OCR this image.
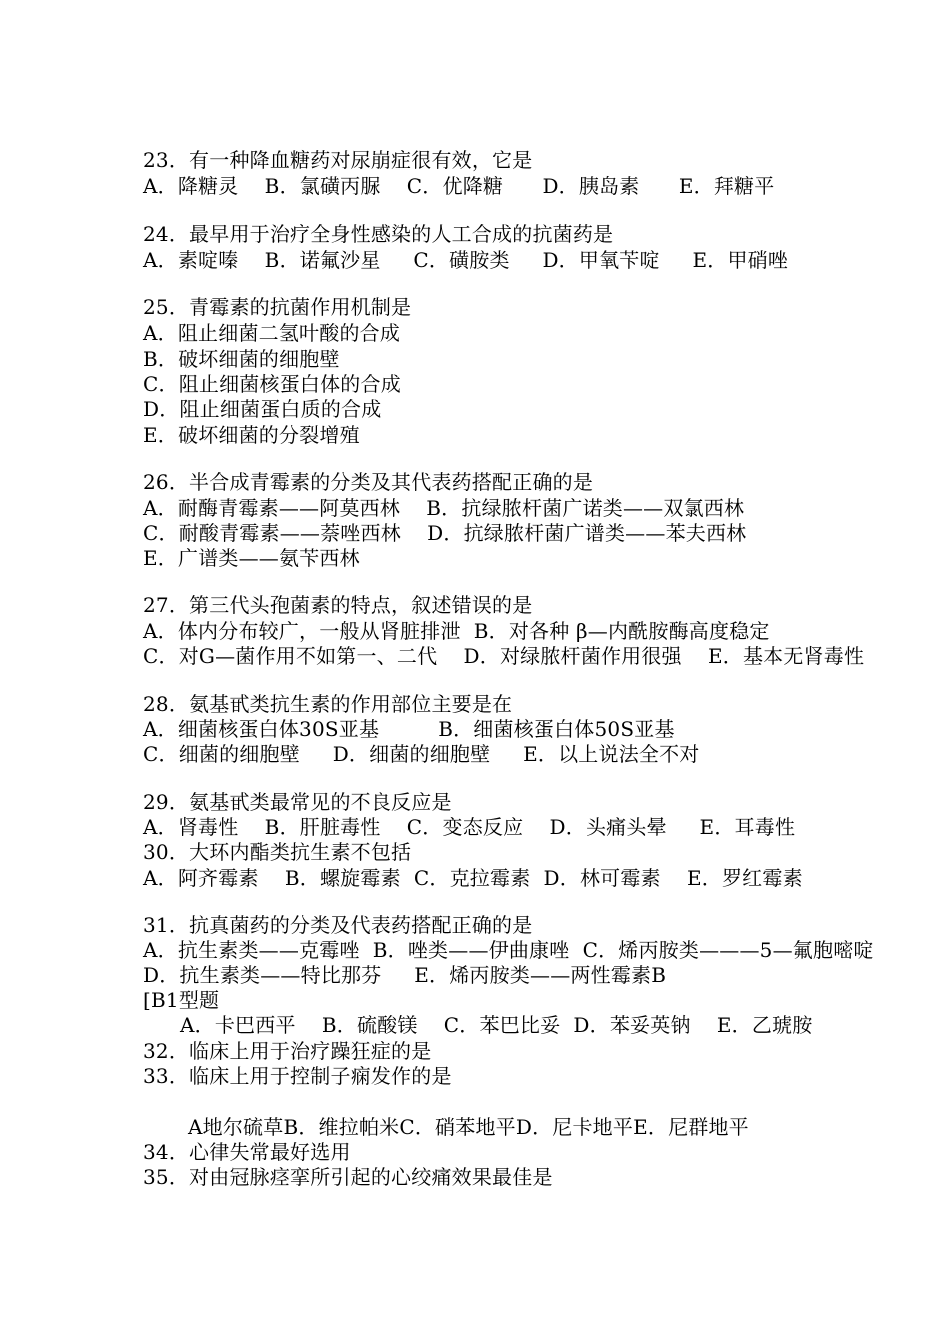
23．有一种降血糖药对尿崩症很有效，它是
A．降糖灵    B．氯磺丙脲    C．优降糖      D．胰岛素      E．拜糖平
24．最早用于治疗全身性感染的人工合成的抗菌药是
A．素啶嗪    B．诺氟沙星     C．磺胺类     D．甲氧苄啶     E．甲硝唑
25．青霉素的抗菌作用机制是
A．阻止细菌二氢叶酸的合成
B．破坏细菌的细胞壁
C．阻止细菌核蛋白体的合成
D．阻止细菌蛋白质的合成
E．破坏细菌的分裂增殖
26．半合成青霉素的分类及其代表药搭配正确的是
A．耐酶青霉素——阿莫西林    B．抗绿脓杆菌广诺类——双氯西林
C．耐酸青霉素——萘唑西林    D．抗绿脓杆菌广谱类——苯夫西林
E．广谱类——氨苄西林
27．第三代头孢菌素的特点，叙述错误的是
A．体内分布较广，一般从肾脏排泄  B．对各种 β—内酰胺酶高度稳定
C．对G—菌作用不如第一、二代    D．对绿脓杆菌作用很强    E．基本无肾毒性
28．氨基甙类抗生素的作用部位主要是在
A．细菌核蛋白体30S亚基         B．细菌核蛋白体50S亚基
C．细菌的细胞壁     D．细菌的细胞壁     E．以上说法全不对
29．氨基甙类最常见的不良反应是
A．肾毒性    B．肝脏毒性    C．变态反应    D．头痛头晕     E．耳毒性
30．大环内酯类抗生素不包括
A．阿齐霉素    B．螺旋霉素  C．克拉霉素  D．林可霉素    E．罗红霉素
31．抗真菌药的分类及代表药搭配正确的是
A．抗生素类——克霉唑  B．唑类——伊曲康唑  C．烯丙胺类———5—氟胞嘧啶
D．抗生素类——特比那芬     E．烯丙胺类——两性霉素B
[B1型题
A．卡巴西平    B．硫酸镁    C．苯巴比妥  D．苯妥英钠    E．乙琥胺
32．临床上用于治疗躁狂症的是
33．临床上用于控制子痫发作的是
A地尔硫草B．维拉帕米C．硝苯地平D．尼卡地平E．尼群地平
34．心律失常最好选用
35．对由冠脉痉挛所引起的心绞痛效果最佳是
